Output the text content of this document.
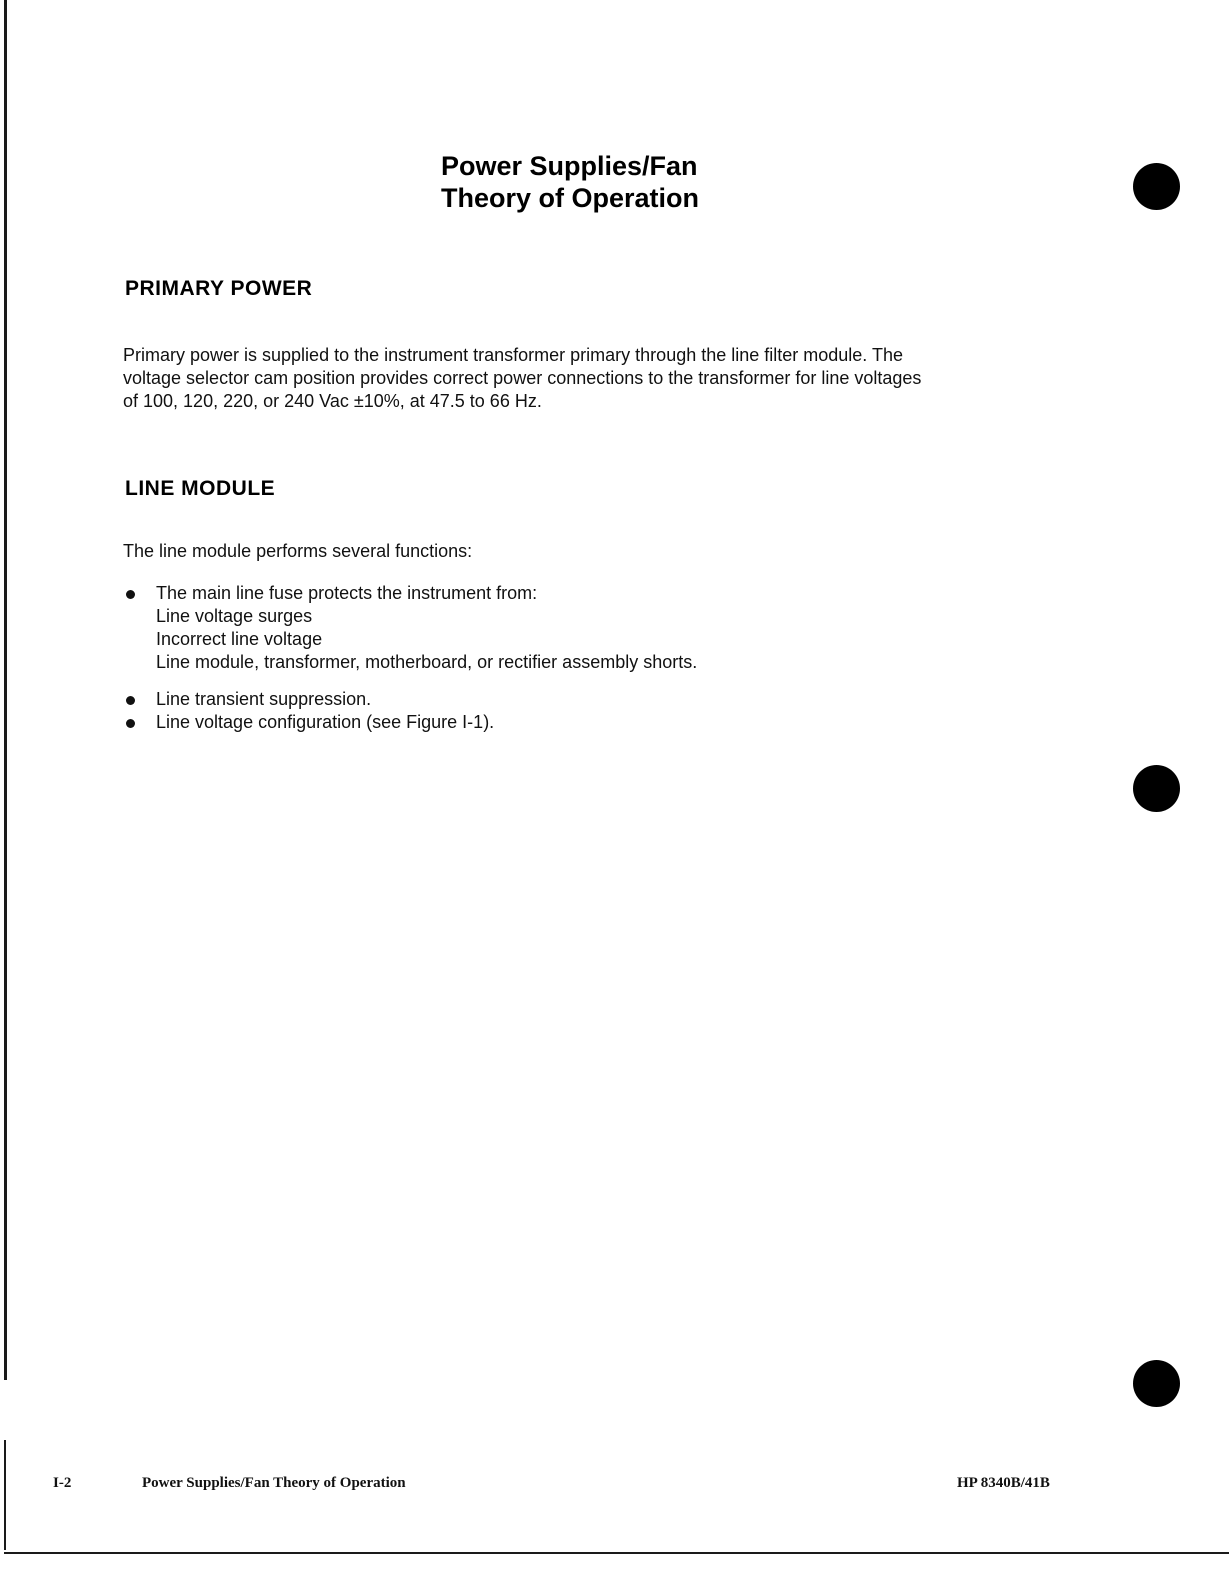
Power Supplies/Fan
Theory of Operation
PRIMARY POWER

Primary power is supplied to the instrument transformer primary through the line filter module. The
voltage selector cam position provides correct power connections to the transformer for line voltages
of 100, 120, 220, or 240 Vac ±10%, at 47.5 to 66 Hz.

LINE MODULE

The line module performs several functions:

The main line fuse protects the instrument from:
Line voltage surges
Incorrect line voltage
Line module, transformer, motherboard, or rectifier assembly shorts.
Line transient suppression.
Line voltage configuration (see Figure I-1).
I-2	Power Supplies/Fan Theory of Operation	HP 8340B/41B
